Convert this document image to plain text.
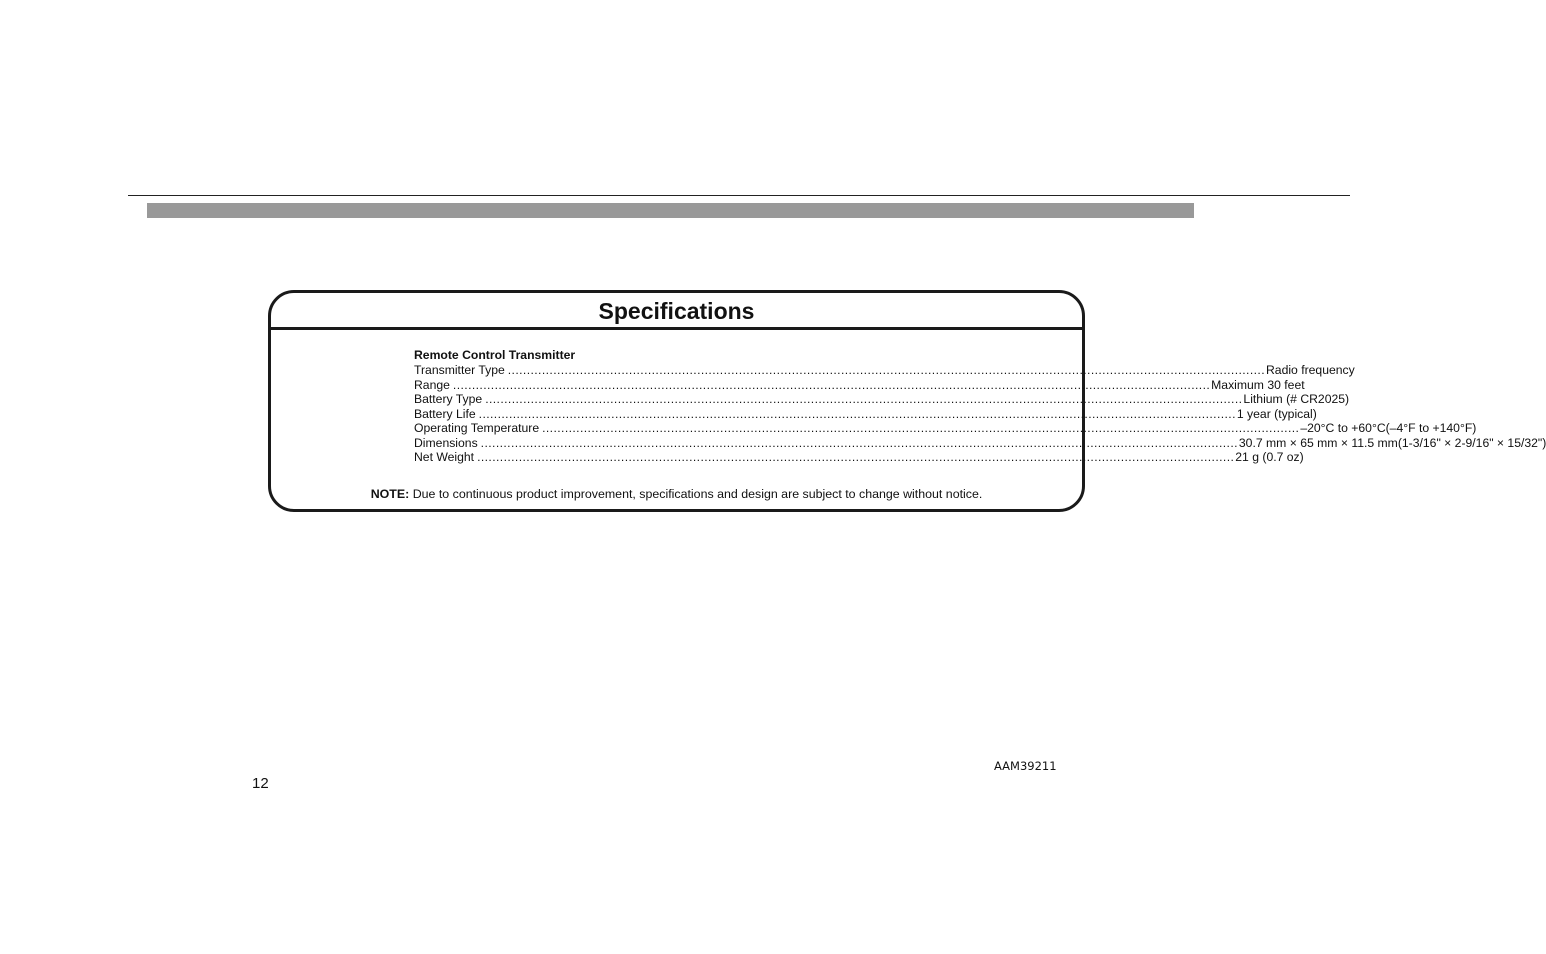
Specifications
Remote Control Transmitter
Transmitter Type ........................................................................................................................................................................................................ Radio frequency
Range ........................................................................................................................................................................................................ Maximum 30 feet
Battery Type ........................................................................................................................................................................................................ Lithium (# CR2025)
Battery Life ........................................................................................................................................................................................................ 1 year (typical)
Operating Temperature ........................................................................................................................................................................................................ –20°C to +60°C(–4°F to +140°F)
Dimensions ........................................................................................................................................................................................................ 30.7 mm × 65 mm × 11.5 mm(1-3/16" × 2-9/16" × 15/32")
Net Weight ........................................................................................................................................................................................................ 21 g (0.7 oz)
NOTE: Due to continuous product improvement, specifications and design are subject to change without notice.
AAM39211
12
